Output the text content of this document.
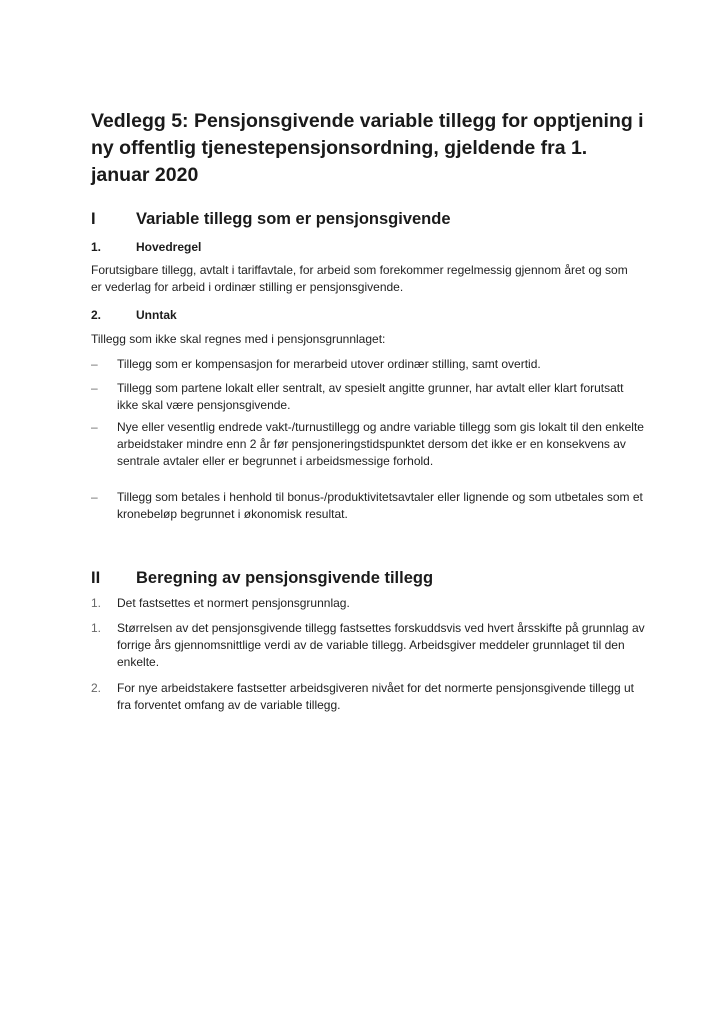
Vedlegg 5: Pensjonsgivende variable tillegg for opptjening i ny offentlig tjenestepensjonsordning, gjeldende fra 1. januar 2020
I Variable tillegg som er pensjonsgivende
1.	Hovedregel

Forutsigbare tillegg, avtalt i tariffavtale, for arbeid som forekommer regelmessig gjennom året og som er vederlag for arbeid i ordinær stilling er pensjonsgivende.

2.	Unntak

Tillegg som ikke skal regnes med i pensjonsgrunnlaget:

–	Tillegg som er kompensasjon for merarbeid utover ordinær stilling, samt overtid.
–	Tillegg som partene lokalt eller sentralt, av spesielt angitte grunner, har avtalt eller klart forutsatt ikke skal være pensjonsgivende.
–	Nye eller vesentlig endrede vakt-/turnustillegg og andre variable tillegg som gis lokalt til den enkelte arbeidstaker mindre enn 2 år før pensjoneringstidspunktet dersom det ikke er en konsekvens av sentrale avtaler eller er begrunnet i arbeidsmessige forhold.
–	Tillegg som betales i henhold til bonus-/produktivitetsavtaler eller lignende og som utbetales som et kronebeløp begrunnet i økonomisk resultat.
II Beregning av pensjonsgivende tillegg
1.	Det fastsettes et normert pensjonsgrunnlag.
1.	Størrelsen av det pensjonsgivende tillegg fastsettes forskuddsvis ved hvert årsskifte på grunnlag av forrige års gjennomsnittlige verdi av de variable tillegg. Arbeidsgiver meddeler grunnlaget til den enkelte.
2.	For nye arbeidstakere fastsetter arbeidsgiveren nivået for det normerte pensjonsgivende tillegg ut fra forventet omfang av de variable tillegg.
